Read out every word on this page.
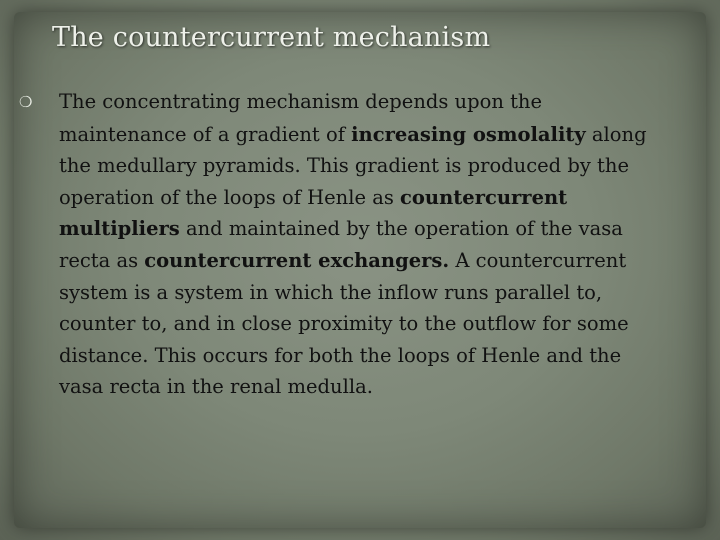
The countercurrent mechanism

❍ The concentrating mechanism depends upon the maintenance of a gradient of increasing osmolality along the medullary pyramids. This gradient is produced by the operation of the loops of Henle as countercurrent multipliers and maintained by the operation of the vasa recta as countercurrent exchangers. A countercurrent system is a system in which the inflow runs parallel to, counter to, and in close proximity to the outflow for some distance. This occurs for both the loops of Henle and the vasa recta in the renal medulla.
